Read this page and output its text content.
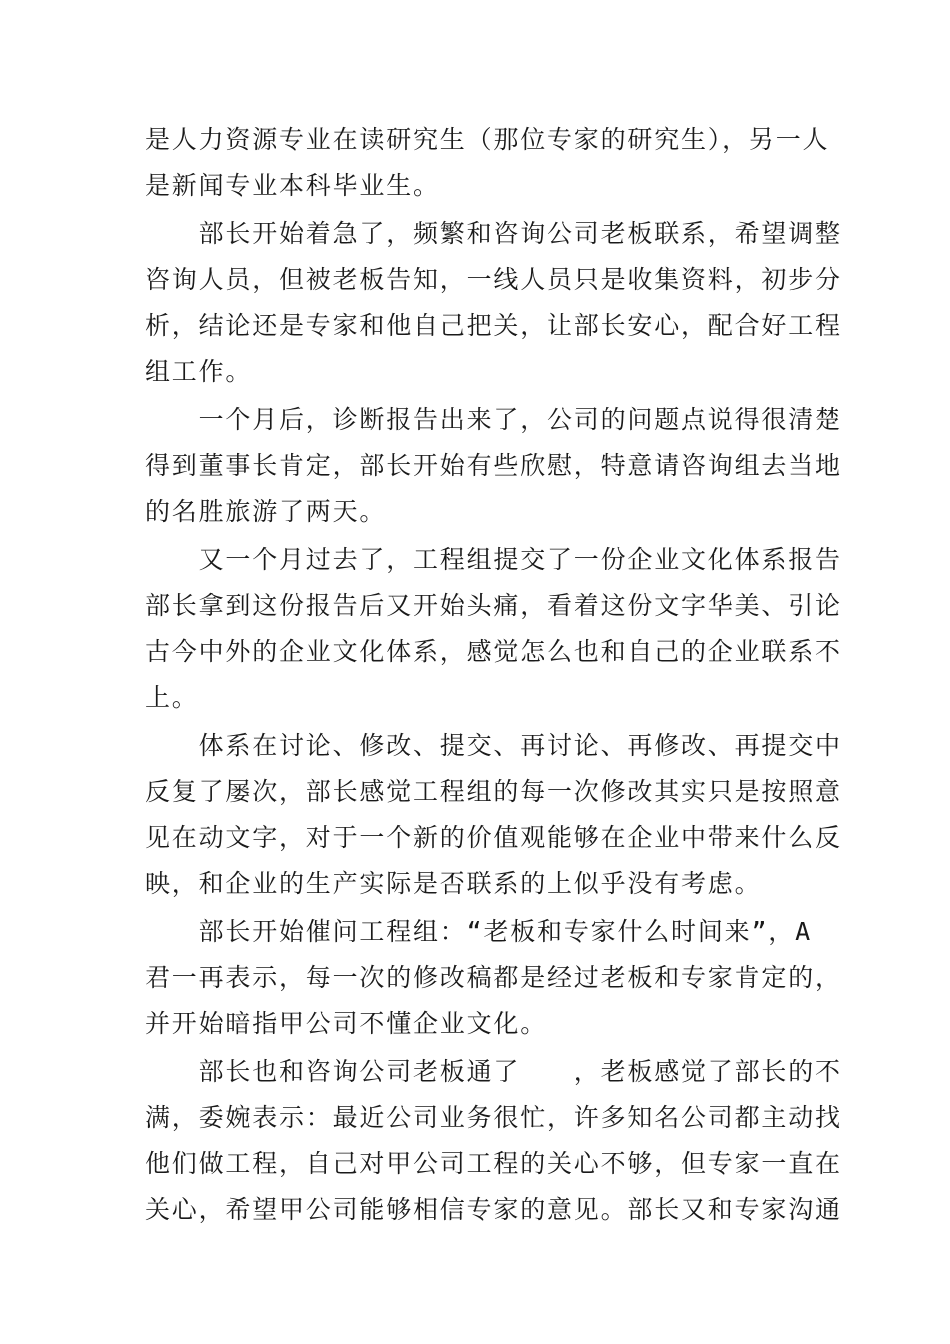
是人力资源专业在读研究生（那位专家的研究生），另一人
是新闻专业本科毕业生。
　　部长开始着急了，频繁和咨询公司老板联系，希望调整
咨询人员，但被老板告知，一线人员只是收集资料，初步分
析，结论还是专家和他自己把关，让部长安心，配合好工程
组工作。
　　一个月后，诊断报告出来了，公司的问题点说得很清楚
得到董事长肯定，部长开始有些欣慰，特意请咨询组去当地
的名胜旅游了两天。
　　又一个月过去了，工程组提交了一份企业文化体系报告
部长拿到这份报告后又开始头痛，看着这份文字华美、引论
古今中外的企业文化体系，感觉怎么也和自己的企业联系不
上。
　　体系在讨论、修改、提交、再讨论、再修改、再提交中
反复了屡次，部长感觉工程组的每一次修改其实只是按照意
见在动文字，对于一个新的价值观能够在企业中带来什么反
映，和企业的生产实际是否联系的上似乎没有考虑。
　　部长开始催问工程组：“老板和专家什么时间来”，A
君一再表示，每一次的修改稿都是经过老板和专家肯定的，
并开始暗指甲公司不懂企业文化。
　　部长也和咨询公司老板通了　　，老板感觉了部长的不
满，委婉表示：最近公司业务很忙，许多知名公司都主动找
他们做工程，自己对甲公司工程的关心不够，但专家一直在
关心，希望甲公司能够相信专家的意见。部长又和专家沟通
